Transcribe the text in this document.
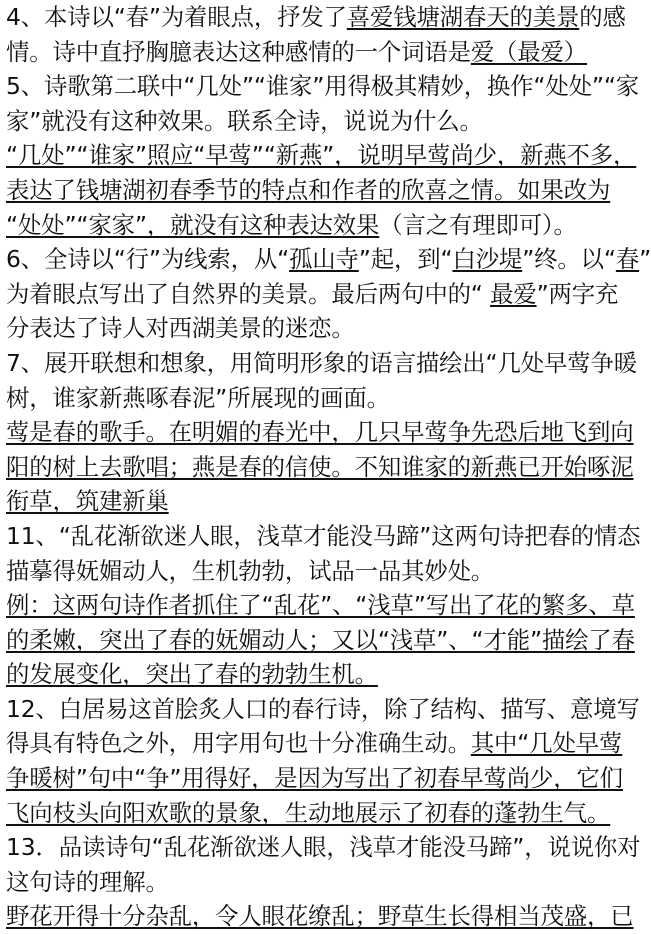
4、本诗以“春”为着眼点，抒发了喜爱钱塘湖春天的美景的感
情。诗中直抒胸臆表达这种感情的一个词语是爱（最爱）
5、诗歌第二联中“几处”“谁家”用得极其精妙，换作“处处”“家
家”就没有这种效果。联系全诗，说说为什么。
“几处”“谁家”照应“早莺”“新燕”，说明早莺尚少，新燕不多，
表达了钱塘湖初春季节的特点和作者的欣喜之情。如果改为
“处处”“家家”，就没有这种表达效果（言之有理即可）。
6、全诗以“行”为线索，从“孤山寺”起，到“白沙堤”终。以“春”
为着眼点写出了自然界的美景。最后两句中的“ 最爱”两字充
分表达了诗人对西湖美景的迷恋。
7、展开联想和想象，用简明形象的语言描绘出“几处早莺争暖
树，谁家新燕啄春泥”所展现的画面。
莺是春的歌手。在明媚的春光中，几只早莺争先恐后地飞到向
阳的树上去歌唱；燕是春的信使。不知谁家的新燕已开始啄泥
衔草，筑建新巢
11、“乱花渐欲迷人眼，浅草才能没马蹄”这两句诗把春的情态
描摹得妩媚动人，生机勃勃，试品一品其妙处。
例：这两句诗作者抓住了“乱花”、“浅草”写出了花的繁多、草
的柔嫩，突出了春的妩媚动人；又以“浅草”、“才能”描绘了春
的发展变化，突出了春的勃勃生机。
12、白居易这首脍炙人口的春行诗，除了结构、描写、意境写
得具有特色之外，用字用句也十分准确生动。其中“几处早莺
争暖树”句中“争”用得好，是因为写出了初春早莺尚少，它们
飞向枝头向阳欢歌的景象，生动地展示了初春的蓬勃生气。
13．品读诗句“乱花渐欲迷人眼，浅草才能没马蹄”，说说你对
这句诗的理解。
野花开得十分杂乱，令人眼花缭乱；野草生长得相当茂盛，已
